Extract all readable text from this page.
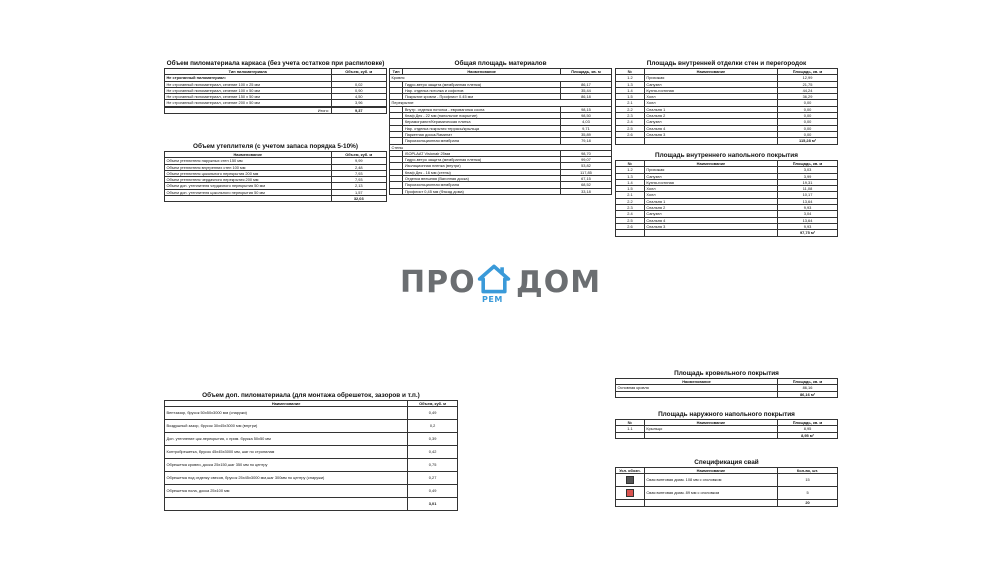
Объем пиломатериала каркаса (без учета остатков при распиловке)
Тип пиломатериала	Объем, куб. м
Не строганный пиломатериал:	
Не строганный пиломатериал, сечение 100 х 25 мм	0,02
Не строганный пиломатериал, сечение 100 х 50 мм	0,90
Не строганный пиломатериал, сечение 150 х 50 мм	4,50
Не строганный пиломатериал, сечение 200 х 50 мм	3,96

Итого:	9,37
Объем утеплителя (с учетом запаса порядка 5-10%)
Наименование	Объем, куб. м
Объем утеплителя наружных стен 150 мм	9,99
Объем утеплителя внутренних стен 100 мм	2,48
Объем утеплителя цокольного перекрытия 200 мм	7,93
Объем утеплителя чердачного перекрытия 200 мм	7,93
Объем доп. утеплителя чердачного перекрытия 50 мм	2,13
Объем доп. утеплителя цокольного перекрытия 50 мм	1,57
	32,03
Общая площадь материалов
Тип	Наименование	Площадь, кв. м
Кровля		
	Гидро-ветро защита (мембранная пленка)	86,17
	Нар. отделка потолка и софитов	35,44
	Покрытие кровли - Профлист 0.45 мм	86,18
Перекрытие		
	Внутр. отделка потолка - евровагонка сосна	98,15
	Кнаф Дек - 22 мм (напольное покрытие)	98,50
	Керамогранит/Керамическая плитка	4,03
	Нар. отделка покрытия террасы/крыльца	9,71
	Паркетная доска/Ламинат	35,89
	Пароизоляционная мембрана	79,18
Стены		
	ISOPLAAT Visionair 25мм	98,70
	Гидро-ветро защита (мембранная пленка)	99,07
	Изоляционная пленка (внутри)	53,82
	Кнаф Дек - 16 мм (стены)	117,85
	Отделка внешняя (Вагонная доска)	67,15
	Пароизоляционная мембрана	68,52
	Профлист 0,45 мм (Фасад дома)	33,18
Площадь внутренней отделки стен и перегородок
№	Наименование	Площадь, кв. м
1.2	Прихожая	12,99
1.3	Санузел	21,75
1.4	Кухня-гостиная	44,24
1.5	Холл	36,29
2.1	Холл	0,00
2.2	Спальня 1	0,00
2.3	Спальня 2	0,00
2.4	Санузел	0,00
2.5	Спальня 4	0,00
2.6	Спальня 3	0,00
		115,28 м²
Площадь внутреннего напольного покрытия
№	Наименование	Площадь, кв. м
1.2	Прихожая	3,03
1.3	Санузел	3,99
1.4	Кухня-гостиная	19,31
1.5	Холл	11,08
2.1	Холл	10,17
2.2	Спальня 1	13,64
2.3	Спальня 2	9,93
2.4	Санузел	3,04
2.5	Спальня 4	13,64
2.6	Спальня 3	9,93
		97,75 м²
ПРО РЕМ ДОМ
Объем доп. пиломатериала (для монтажа обрешеток, зазоров и т.п.)
Наименование	Объем, куб. м
Вентзазор, брусок 50х50х3000 мм (снаружи)	0,49
Воздушный зазор, брусок 30х45х3000 мм (внутри)	0,2
Доп. утепление цок.перекрытия, с прим. бруска 50х50 мм	0,39
Контробрешетка, брусок 45х45х3000 мм, шаг по стропилам	0,42
Обрешетка кровли, доска 25х150,шаг 350 мм по центру	0,75
Обрешетка под отделку свесов, брусок 25х45х3000 мм,шаг 300мм по центру (снаружи)	0,27
Обрешетка пола, доска 25х100 мм	0,49
	3,01
Площадь кровельного покрытия
Наименование	Площадь, кв. м
Основная кровля	86,16
	86,16 м²
Площадь наружного напольного покрытия
№	Наименование	Площадь, кв. м
1.1	Крыльцо	8,95
		8,95 м²
Спецификация свай
Усл. обозн.	Наименование	Кол-во, шт.
	Свая винтовая диам. 108 мм с оголовком	15
	Свая винтовая диам. 89 мм с оголовком	5
		20
